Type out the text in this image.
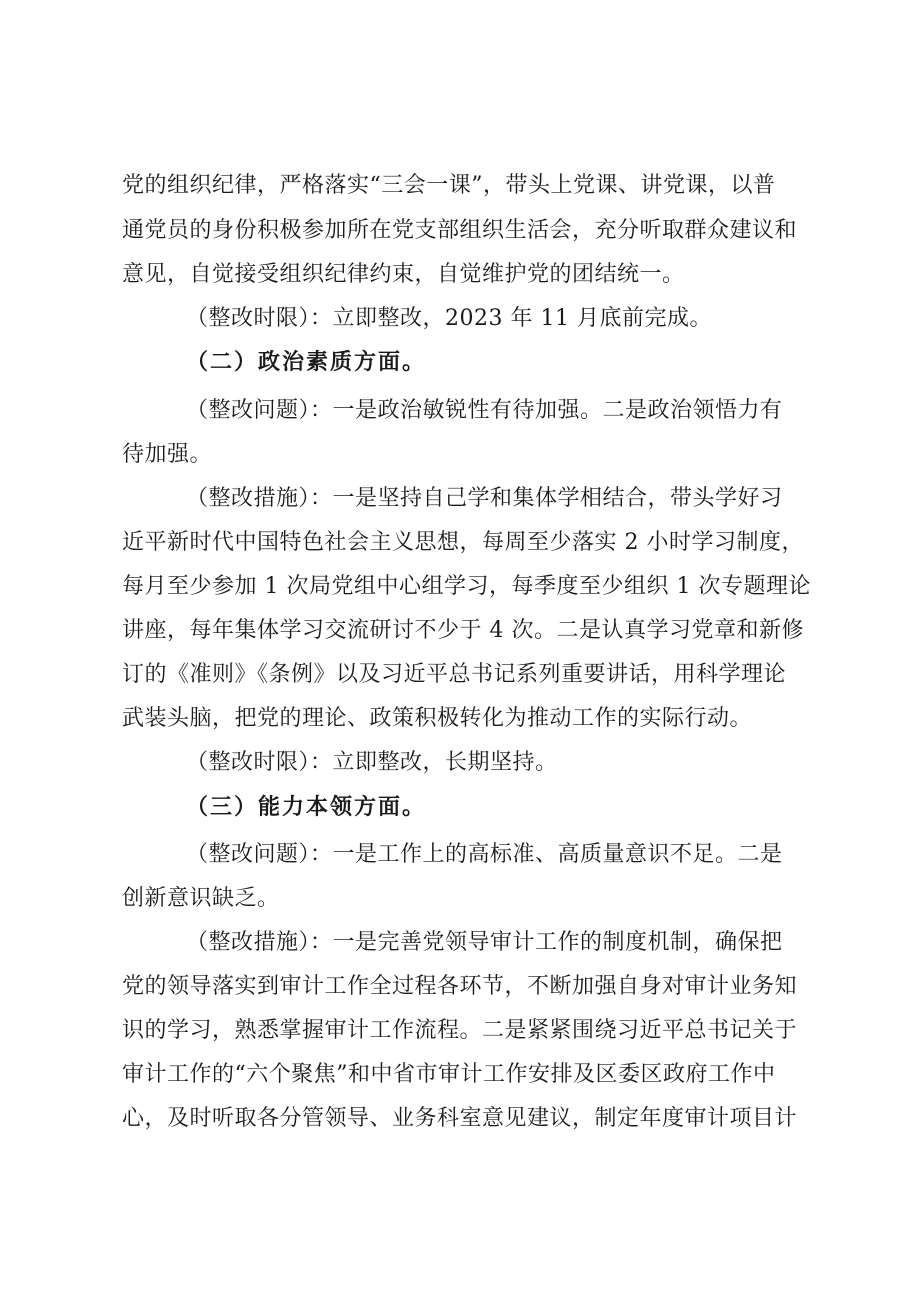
党的组织纪律，严格落实“三会一课”，带头上党课、讲党课，以普
通党员的身份积极参加所在党支部组织生活会，充分听取群众建议和
意见，自觉接受组织纪律约束，自觉维护党的团结统一。
（整改时限）：立即整改，2023 年 11 月底前完成。
（二）政治素质方面。
（整改问题）：一是政治敏锐性有待加强。二是政治领悟力有
待加强。
（整改措施）：一是坚持自己学和集体学相结合，带头学好习
近平新时代中国特色社会主义思想，每周至少落实 2 小时学习制度，
每月至少参加 1 次局党组中心组学习，每季度至少组织 1 次专题理论
讲座，每年集体学习交流研讨不少于 4 次。二是认真学习党章和新修
订的《准则》《条例》以及习近平总书记系列重要讲话，用科学理论
武装头脑，把党的理论、政策积极转化为推动工作的实际行动。
（整改时限）：立即整改，长期坚持。
（三）能力本领方面。
（整改问题）：一是工作上的高标准、高质量意识不足。二是
创新意识缺乏。
（整改措施）：一是完善党领导审计工作的制度机制，确保把
党的领导落实到审计工作全过程各环节，不断加强自身对审计业务知
识的学习，熟悉掌握审计工作流程。二是紧紧围绕习近平总书记关于
审计工作的“六个聚焦”和中省市审计工作安排及区委区政府工作中
心，及时听取各分管领导、业务科室意见建议，制定年度审计项目计
